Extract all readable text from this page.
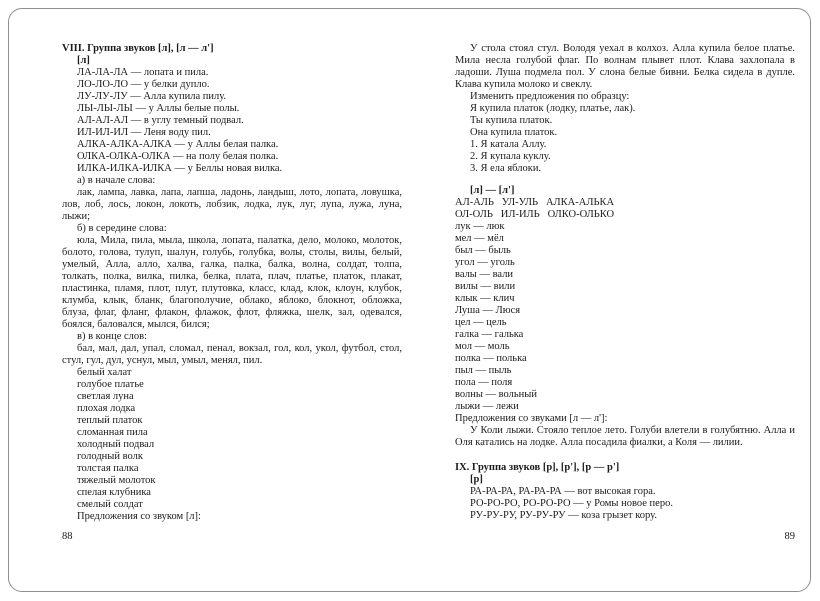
VIII. Группа звуков [л], [л — л']
[л]
ЛА-ЛА-ЛА — лопата и пила.
ЛО-ЛО-ЛО — у белки дупло.
ЛУ-ЛУ-ЛУ — Алла купила пилу.
ЛЫ-ЛЫ-ЛЫ — у Аллы белые полы.
АЛ-АЛ-АЛ — в углу темный подвал.
ИЛ-ИЛ-ИЛ — Леня воду пил.
АЛКА-АЛКА-АЛКА — у Аллы белая палка.
ОЛКА-ОЛКА-ОЛКА — на полу белая полка.
ИЛКА-ИЛКА-ИЛКА — у Беллы новая вилка.
а) в начале слова:

лак, лампа, лавка, лапа, лапша, ладонь, ландыш, лото, лопата, ловушка, лов, лоб, лось, локон, локоть, лобзик, лодка, лук, луг, лупа, лужа, луна, лыжи;

б) в середине слова:

юла, Мила, пила, мыла, школа, лопата, палатка, дело, молоко, молоток, болото, голова, тулуп, шалун, голубь, голубка, волы, столы, вилы, белый, умелый, Алла, алло, халва, галка, палка, балка, волна, солдат, толпа, толкать, полка, вилка, пилка, белка, плата, плач, платье, платок, плакат, пластинка, пламя, плот, плут, плутовка, класс, клад, клок, клоун, клубок, клумба, клык, бланк, благополучие, облако, яблоко, блокнот, обложка, блуза, флаг, фланг, флакон, флажок, флот, фляжка, шелк, зал, одевался, боялся, баловался, мылся, бился;

в) в конце слов:

бал, мал, дал, упал, сломал, пенал, вокзал, гол, кол, укол, футбол, стол, стул, гул, дул, уснул, мыл, умыл, менял, пил.

белый халат
голубое платье
светлая луна
плохая лодка
теплый платок
сломанная пила
холодный подвал
голодный волк
толстая палка
тяжелый молоток
спелая клубника
смелый солдат
Предложения со звуком [л]:

У стола стоял стул. Володя уехал в колхоз. Алла купила белое платье. Мила несла голубой флаг. По волнам плывет плот. Клава захлопала в ладоши. Луша подмела пол. У слона белые бивни. Белка сидела в дупле. Клава купила молоко и свеклу.

Изменить предложения по образцу:
Я купила платок (лодку, платье, лак).
Ты купила платок.
Она купила платок.
1. Я катала Аллу.
2. Я купала куклу.
3. Я ела яблоки.
[л] — [л']
АЛ-АЛЬ   УЛ-УЛЬ   АЛКА-АЛЬКА
ОЛ-ОЛЬ   ИЛ-ИЛЬ   ОЛКО-ОЛЬКО
лук — люк
мел — мёл
был — быль
угол — уголь
валы — вали
вилы — вили
клык — клич
Луша — Люся
цел — цель
галка — галька
мол — моль
полка — полька
пыл — пыль
пола — поля
волны — вольный
лыжи — лежи
Предложения со звуками [л — л']:

У Коли лыжи. Стояло теплое лето. Голуби влетели в голубятню. Алла и Оля катались на лодке. Алла посадила фиалки, а Коля — лилии.

IX. Группа звуков [р], [р'], [р — р']
[р]
РА-РА-РА, РА-РА-РА — вот высокая гора.
РО-РО-РО, РО-РО-РО — у Ромы новое перо.
РУ-РУ-РУ, РУ-РУ-РУ — коза грызет кору.
88	89
